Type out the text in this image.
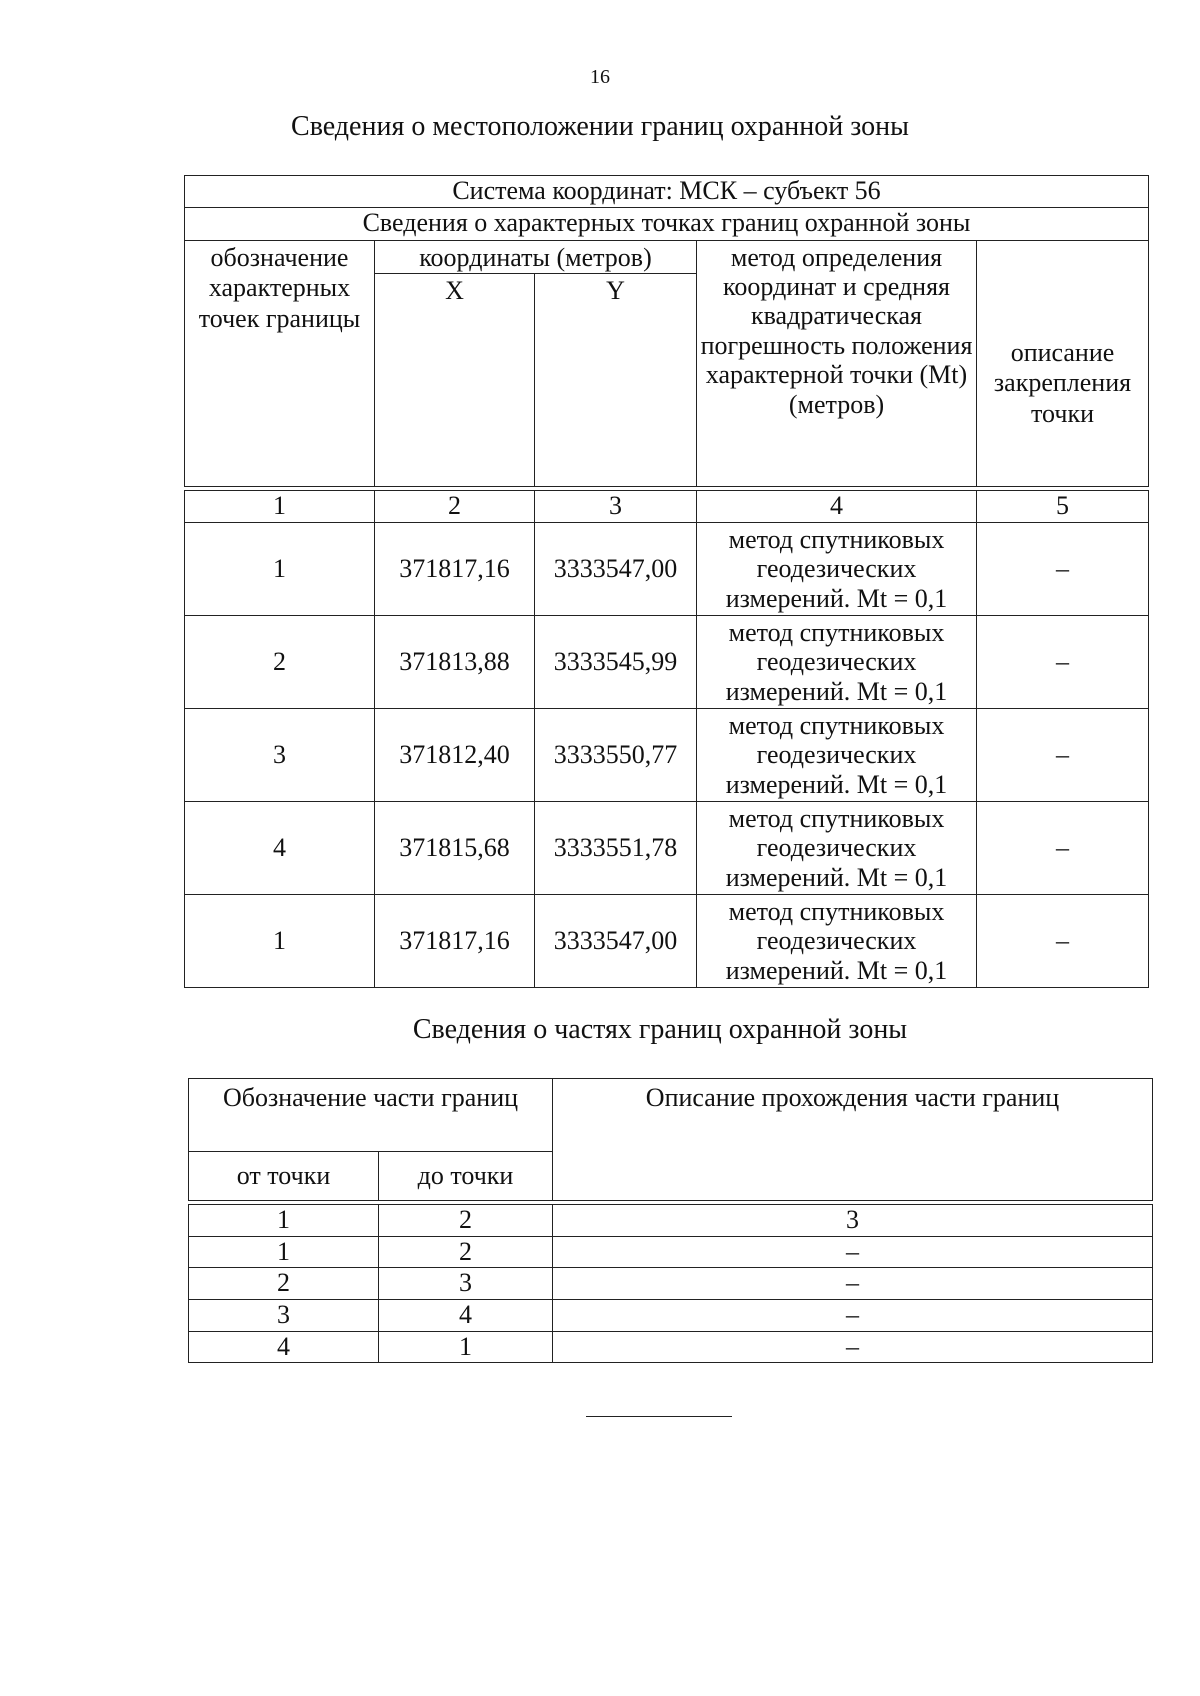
16
Сведения о местоположении границ охранной зоны
Система координат: МСК – субъект 56				
Сведения о характерных точках границ охранной зоны				
обозначение характерных точек границы	координаты (метров)		метод определения координат и средняя квадратическая погрешность положения характерной точки (Mt) (метров)	описание закрепления точки
	X	Y		

1	2	3	4	5
1	371817,16	3333547,00	метод спутниковых геодезических измерений. Mt = 0,1	–
2	371813,88	3333545,99	метод спутниковых геодезических измерений. Mt = 0,1	–
3	371812,40	3333550,77	метод спутниковых геодезических измерений. Mt = 0,1	–
4	371815,68	3333551,78	метод спутниковых геодезических измерений. Mt = 0,1	–
1	371817,16	3333547,00	метод спутниковых геодезических измерений. Mt = 0,1	–
Сведения о частях границ охранной зоны
Обозначение части границ		Описание прохождения части границ
от точки	до точки	

1	2	3
1	2	–
2	3	–
3	4	–
4	1	–
